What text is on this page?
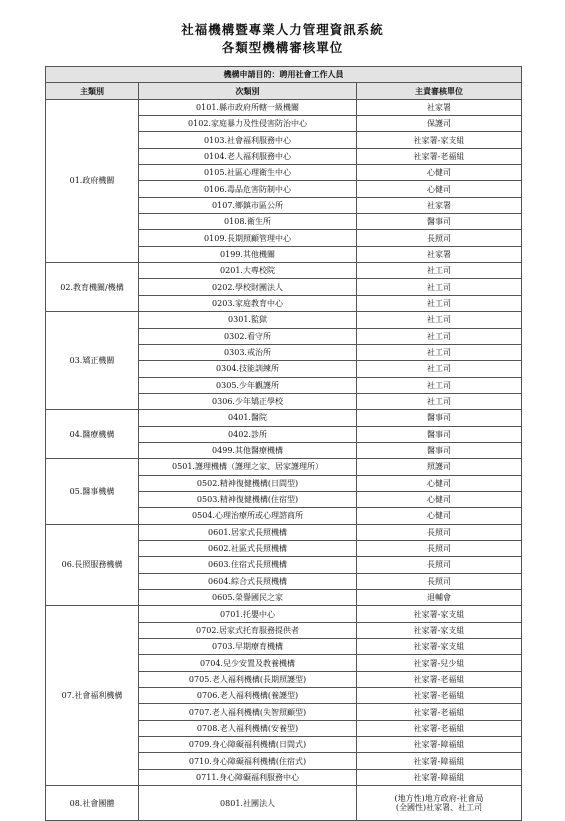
社福機構暨專業人力管理資訊系統
各類型機構審核單位
機構申請目的：聘用社會工作人員		
主類別	次類別	主責審核單位
01.政府機關	0101.縣市政府所轄一級機關	社家署
	0102.家庭暴力及性侵害防治中心	保護司
	0103.社會福利服務中心	社家署-家支組
	0104.老人福利服務中心	社家署-老福組
	0105.社區心理衛生中心	心健司
	0106.毒品危害防制中心	心健司
	0107.鄉鎮市區公所	社家署
	0108.衛生所	醫事司
	0109.長期照顧管理中心	長照司
	0199.其他機關	社家署
02.教育機關/機構	0201.大專校院	社工司
	0202.學校財團法人	社工司
	0203.家庭教育中心	社工司
03.矯正機關	0301.監獄	社工司
	0302.看守所	社工司
	0303.戒治所	社工司
	0304.技能訓練所	社工司
	0305.少年觀護所	社工司
	0306.少年矯正學校	社工司
04.醫療機構	0401.醫院	醫事司
	0402.診所	醫事司
	0499.其他醫療機構	醫事司
05.醫事機構	0501.護理機構（護理之家、居家護理所）	照護司
	0502.精神復健機構(日間型)	心健司
	0503.精神復健機構(住宿型)	心健司
	0504.心理治療所或心理諮商所	心健司
06.長照服務機構	0601.居家式長照機構	長照司
	0602.社區式長照機構	長照司
	0603.住宿式長照機構	長照司
	0604.綜合式長照機構	長照司
	0605.榮譽國民之家	退輔會
07.社會福利機構	0701.托嬰中心	社家署-家支組
	0702.居家式托育服務提供者	社家署-家支組
	0703.早期療育機構	社家署-家支組
	0704.兒少安置及教養機構	社家署-兒少組
	0705.老人福利機構(長期照護型)	社家署-老福組
	0706.老人福利機構(養護型)	社家署-老福組
	0707.老人福利機構(失智照顧型)	社家署-老福組
	0708.老人福利機構(安養型)	社家署-老福組
	0709.身心障礙福利機構(日間式)	社家署-障福組
	0710.身心障礙福利機構(住宿式)	社家署-障福組
	0711.身心障礙福利服務中心	社家署-障福組
08.社會團體	0801.社團法人	(地方性)地方政府-社會局
(全國性)社家署、社工司
